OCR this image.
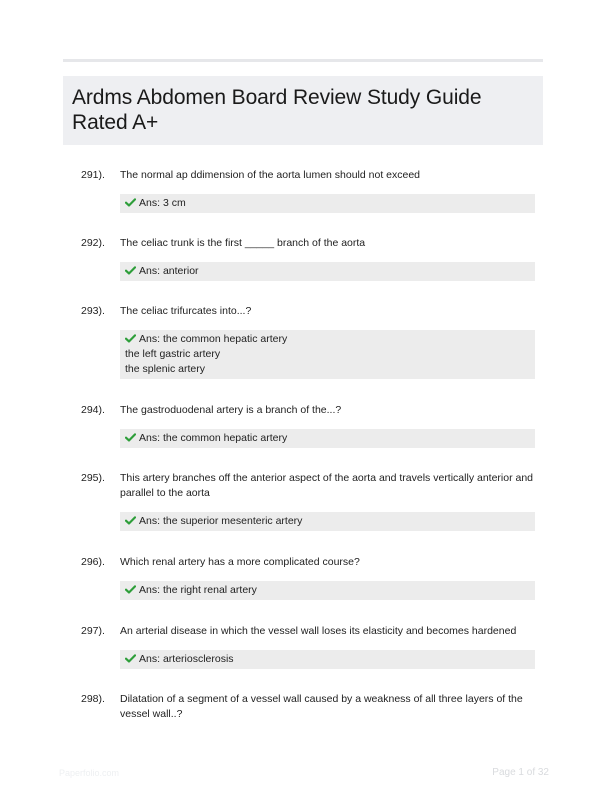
Ardms Abdomen Board Review Study Guide Rated A+
291).	The normal ap ddimension of the aorta lumen should not exceed
Ans: 3 cm
292).	The celiac trunk is the first _____ branch of the aorta
Ans: anterior
293).	The celiac trifurcates into...?
Ans: the common hepatic artery
the left gastric artery
the splenic artery
294).	The gastroduodenal artery is a branch of the...?
Ans: the common hepatic artery
295).	This artery branches off the anterior aspect of the aorta and travels vertically anterior and parallel to the aorta
Ans: the superior mesenteric artery
296).	Which renal artery has a more complicated course?
Ans: the right renal artery
297).	An arterial disease in which the vessel wall loses its elasticity and becomes hardened
Ans: arteriosclerosis
298).	Dilatation of a segment of a vessel wall caused by a weakness of all three layers of the vessel wall..?
Paperfolio.com	Page 1 of 32
